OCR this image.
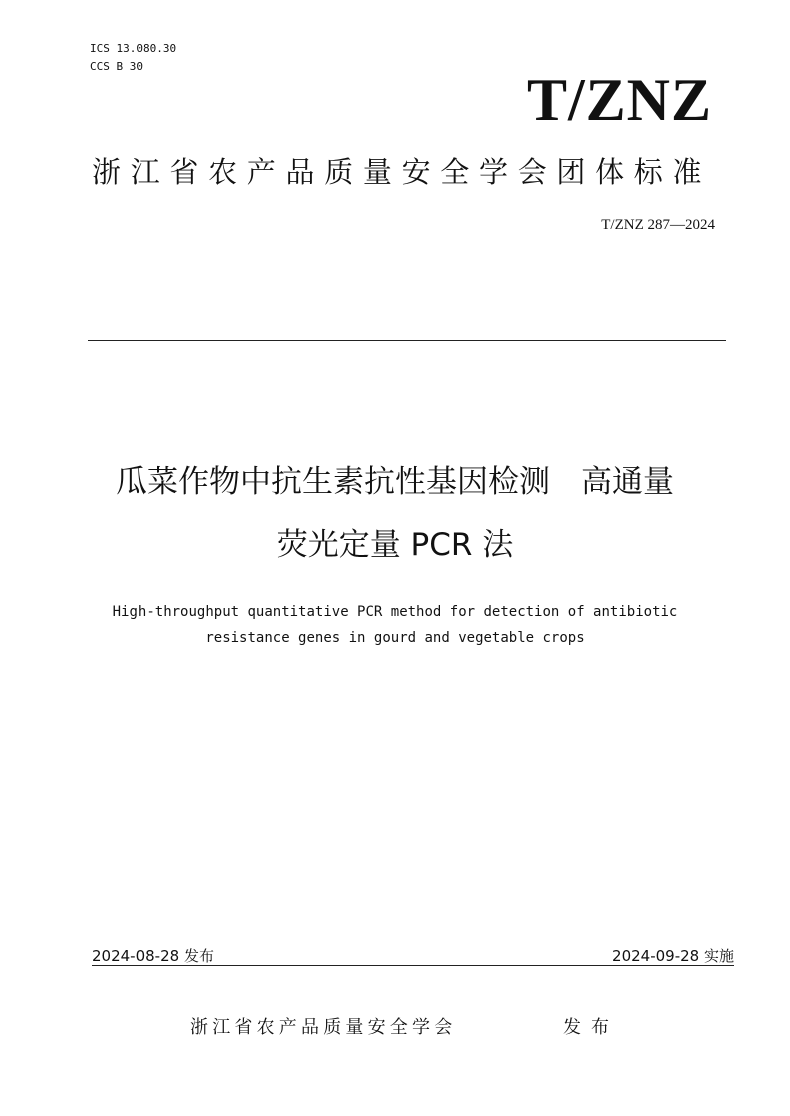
ICS 13.080.30
CCS B 30
T/ZNZ
浙江省农产品质量安全学会团体标准
T/ZNZ 287—2024
瓜菜作物中抗生素抗性基因检测　高通量
荧光定量 PCR 法
High-throughput quantitative PCR method for detection of antibiotic
resistance genes in gourd and vegetable crops
2024-08-28 发布	2024-09-28 实施
浙江省农产品质量安全学会	发布
